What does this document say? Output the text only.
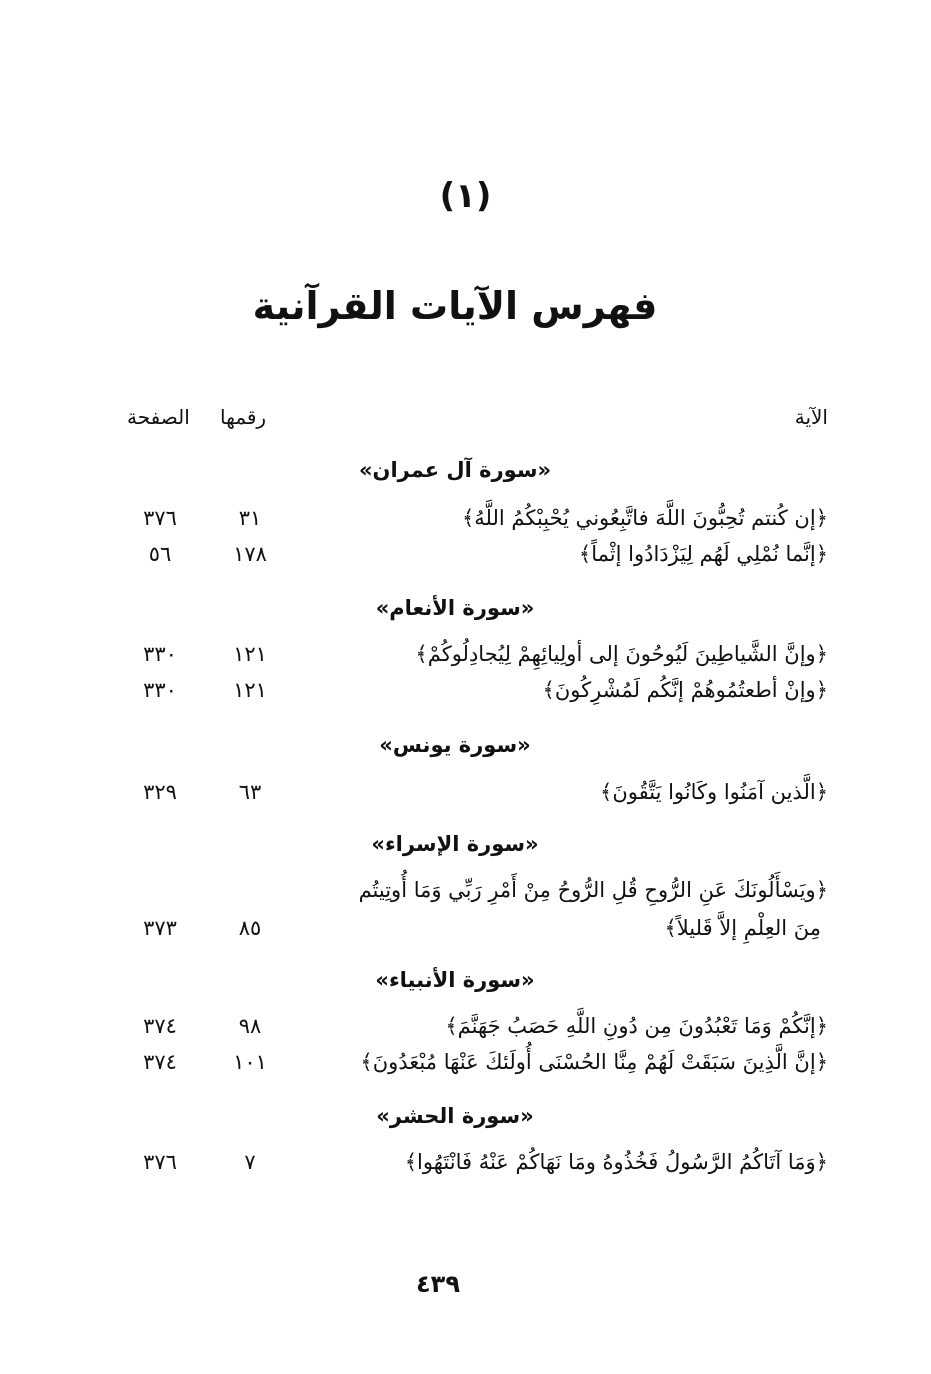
(١)
فهرس الآيات القرآنية
الآية
رقمها
الصفحة
«سورة آل عمران»
﴿إن كُنتم تُحِبُّونَ اللَّهَ فاتَّبِعُوني يُحْبِبْكُمُ اللَّهُ﴾
٣١
٣٧٦
﴿إنَّما نُمْلِي لَهُم لِيَزْدَادُوا إثْماً﴾
١٧٨
٥٦
«سورة الأنعام»
﴿وإنَّ الشَّياطِينَ لَيُوحُونَ إلى أولِيائِهِمْ لِيُجادِلُوكُمْ﴾
١٢١
٣٣٠
﴿وإنْ أطعتُمُوهُمْ إنَّكُم لَمُشْرِكُونَ﴾
١٢١
٣٣٠
«سورة يونس»
﴿الَّذين آمَنُوا وكَانُوا يَتَّقُونَ﴾
٦٣
٣٢٩
«سورة الإسراء»
﴿ويَسْأَلُونَكَ عَنِ الرُّوحِ قُلِ الرُّوحُ مِنْ أَمْرِ رَبِّي وَمَا أُوتِيتُم
مِنَ العِلْمِ إلاَّ قَليلاً﴾
٨٥
٣٧٣
«سورة الأنبياء»
﴿إنَّكُمْ وَمَا تَعْبُدُونَ مِن دُونِ اللَّهِ حَصَبُ جَهَنَّمَ﴾
٩٨
٣٧٤
﴿إنَّ الَّذِينَ سَبَقَتْ لَهُمْ مِنَّا الحُسْنَى أُولَئكَ عَنْهَا مُبْعَدُونَ﴾
١٠١
٣٧٤
«سورة الحشر»
﴿وَمَا آتَاكُمُ الرَّسُولُ فَخُذُوهُ ومَا نَهَاكُمْ عَنْهُ فَانْتَهُوا﴾
٧
٣٧٦
٤٣٩
